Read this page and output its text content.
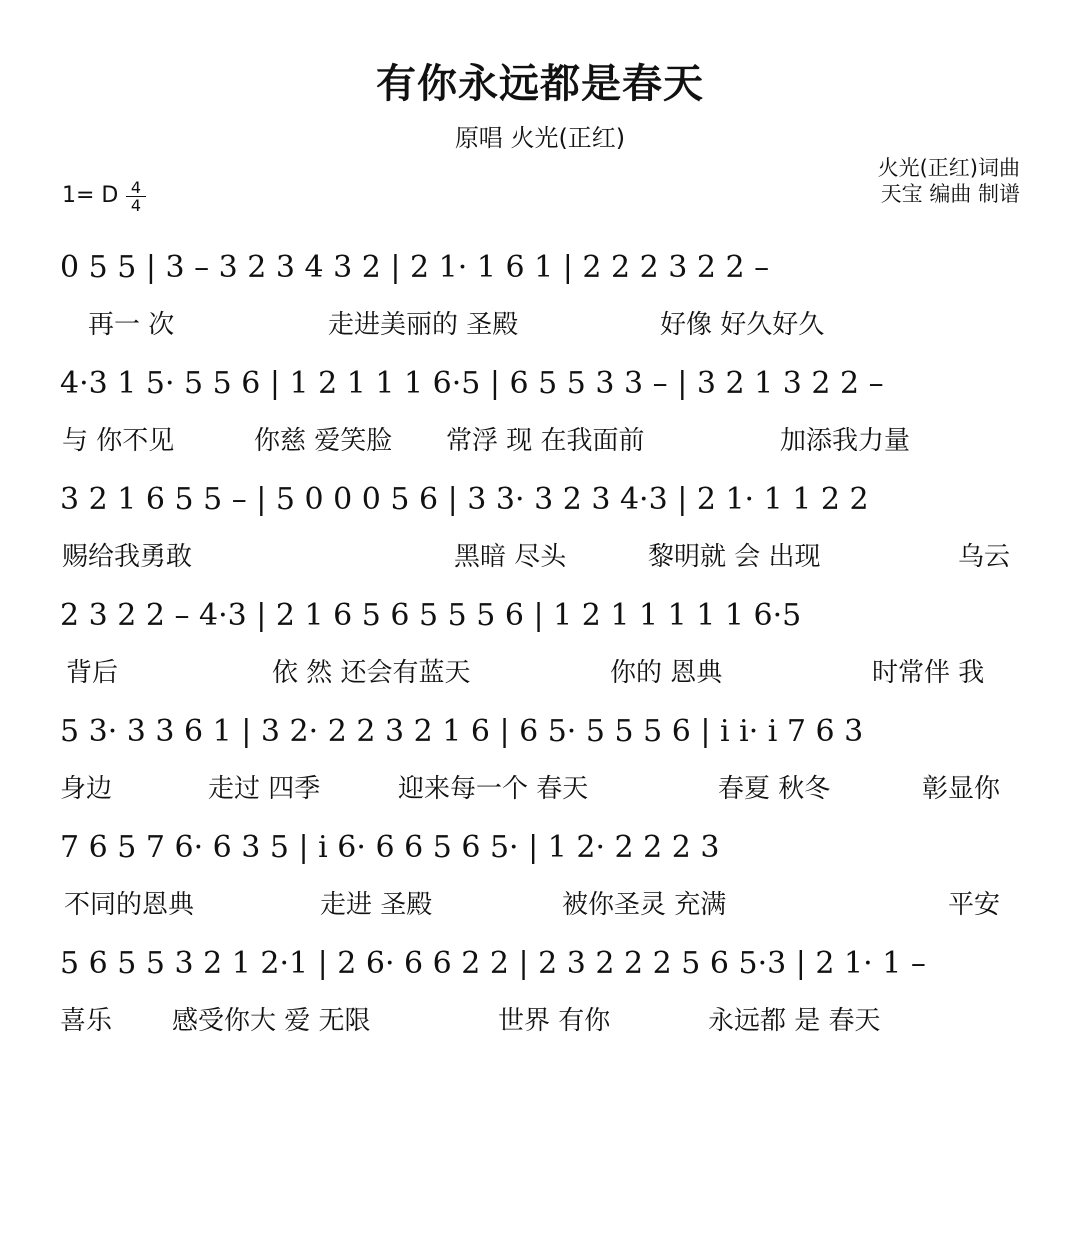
有你永远都是春天
原唱 火光(正红)
火光(正红)词曲
天宝 编曲 制谱
1= D 4
4
0 5 5 | 3 – 3 2 3 4 3 2 | 2 1· 1 6 1 | 2 2 2 3 2 2 –
再一 次	走进美丽的 圣殿	好像 好久好久
4·3 1 5· 5 5 6 | 1 2 1 1 1 6·5 | 6 5 5 3 3 – | 3 2 1 3 2 2 –
与 你不见	你慈 爱笑脸 常浮 现 在我面前	加添我力量
3 2 1 6 5 5 – | 5 0 0 0 5 6 | 3 3· 3 2 3 4·3 | 2 1· 1 1 2 2
赐给我勇敢	黑暗 尽头	黎明就 会 出现	乌云
2 3 2 2 – 4·3 | 2 1 6 5 6 5 5 5 6 | 1 2 1 1 1 1 1 6·5
背后	依 然 还会有蓝天	你的 恩典	时常伴 我
5 3· 3 3 6 1 | 3 2· 2 2 3 2 1 6 | 6 5· 5 5 5 6 | i i· i 7 6 3
身边	走过 四季	迎来每一个 春天	春夏 秋冬	彰显你
7 6 5 7 6· 6 3 5 | i 6· 6 6 5 6 5· | 1 2· 2 2 2 3
不同的恩典	走进 圣殿	被你圣灵 充满	平安
5 6 5 5 3 2 1 2·1 | 2 6· 6 6 2 2 | 2 3 2 2 2 5 6 5·3 | 2 1· 1 –
喜乐 感受你大 爱 无限	世界 有你	永远都 是 春天
